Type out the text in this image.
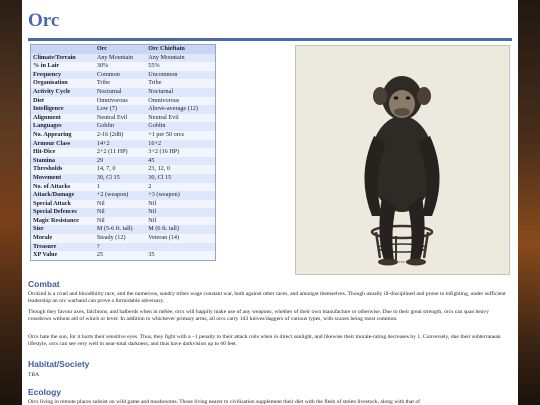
Orc
	Orc	Orc Chieftain
Climate/Terrain	Any Mountain	Any Mountain
% in Lair	30%	55%
Frequency	Common	Uncommon
Organisation	Tribe	Tribe
Activity Cycle	Nocturnal	Nocturnal
Diet	Omnivorous	Omnivorous
Intelligence	Low (7)	Above-average (12)
Alignment	Neutral Evil	Neutral Evil
Languages	Goblin	Goblin
No. Appearing	2-16 (2d8)	+1 per 50 orcs
Armour Class	14+2	16+2
Hit-Dice	2+2 (11 HP)	3+2 (16 HP)
Stamina	29	45
Thresholds	14, 7, 0	23, 12, 0
Movement	30, Cl 15	30, Cl 15
No. of Attacks	1	2
Attack/Damage	+2 (weapon)	+3 (weapon)
Special Attack	Nil	Nil
Special Defences	Nil	Nil
Magic Resistance	Nil	Nil
Size	M (5-6 ft. tall)	M (6 ft. tall)
Morale	Steady (12)	Veteran (14)
Treasure	?	
XP Value	25	35
CHIMPANZEE (SEATED)
Combat

Orckind is a cruel and bloodthirty race, and the numerous, sundry tribes wage constant war, both against other races, and amongst themselves. Though usually ill-disciplined and prone to infighting, under sufficient leadership an orc warband can prove a formidable adversary.

Though they favour axes, falchions, and halberds when in mêlée, orcs will happily make use of any weapons, whether of their own manufacture or otherwise. Due to their great strength, orcs can span heavy crossbows without aid of winch or lever. In addition to whichever primary arms, all orcs carry 1d3 knives/daggers of various types, with scaxes being most common.

Orcs hate the sun, for it hurts their sensitive eyes. Thus, they fight with a –1 penalty to their attack rolls when in direct sunlight, and likewise their morale-rating decreases by 1. Conversely, due their subterranean lifestyle, orcs can see very well in near-total darkness, and thus have darkvision up to 60 feet.

Habitat/Society

TBA

Ecology

Orcs living in remote places subsist on wild game and mushrooms. Those living nearer to civilisation supplement their diet with the flesh of stolen livestock, along with that of
